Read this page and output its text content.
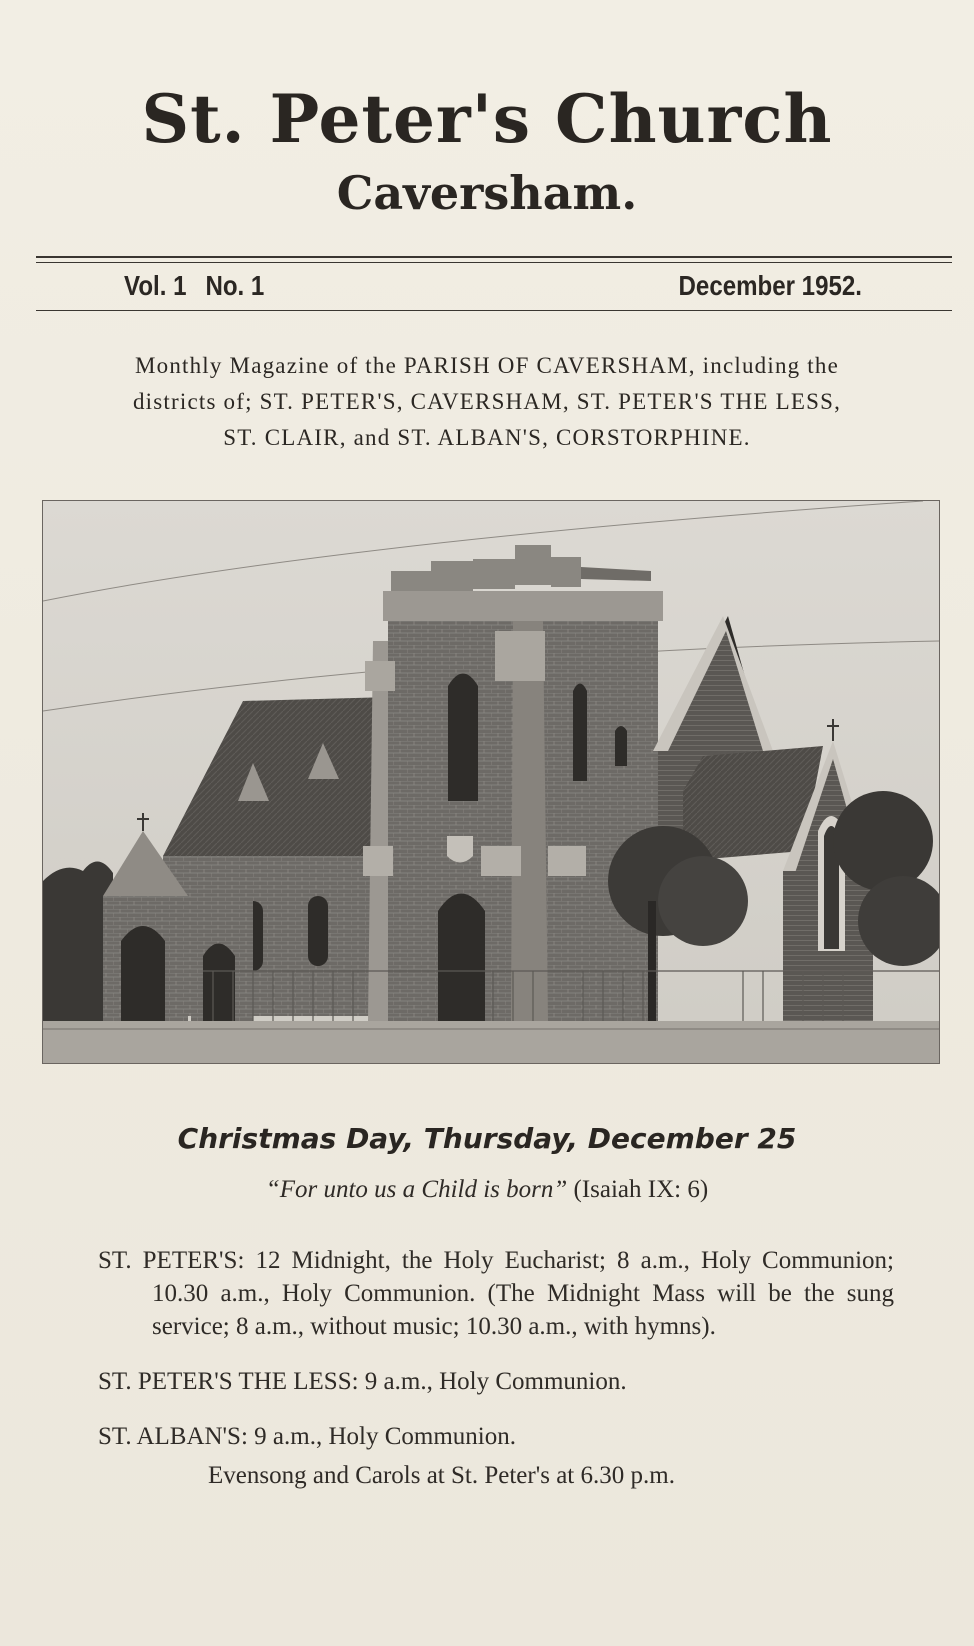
St. Peter's Church
Caversham.
Vol. 1 No. 1	December 1952.
Monthly Magazine of the PARISH OF CAVERSHAM, including the
districts of; ST. PETER'S, CAVERSHAM, ST. PETER'S THE LESS,
ST. CLAIR, and ST. ALBAN'S, CORSTORPHINE.
Christmas Day, Thursday, December 25
“For unto us a Child is born” (Isaiah IX: 6)

ST. PETER'S: 12 Midnight, the Holy Eucharist; 8 a.m., Holy Communion; 10.30 a.m., Holy Communion. (The Midnight Mass will be the sung service; 8 a.m., without music; 10.30 a.m., with hymns).

ST. PETER'S THE LESS: 9 a.m., Holy Communion.

ST. ALBAN'S: 9 a.m., Holy Communion.

Evensong and Carols at St. Peter's at 6.30 p.m.
